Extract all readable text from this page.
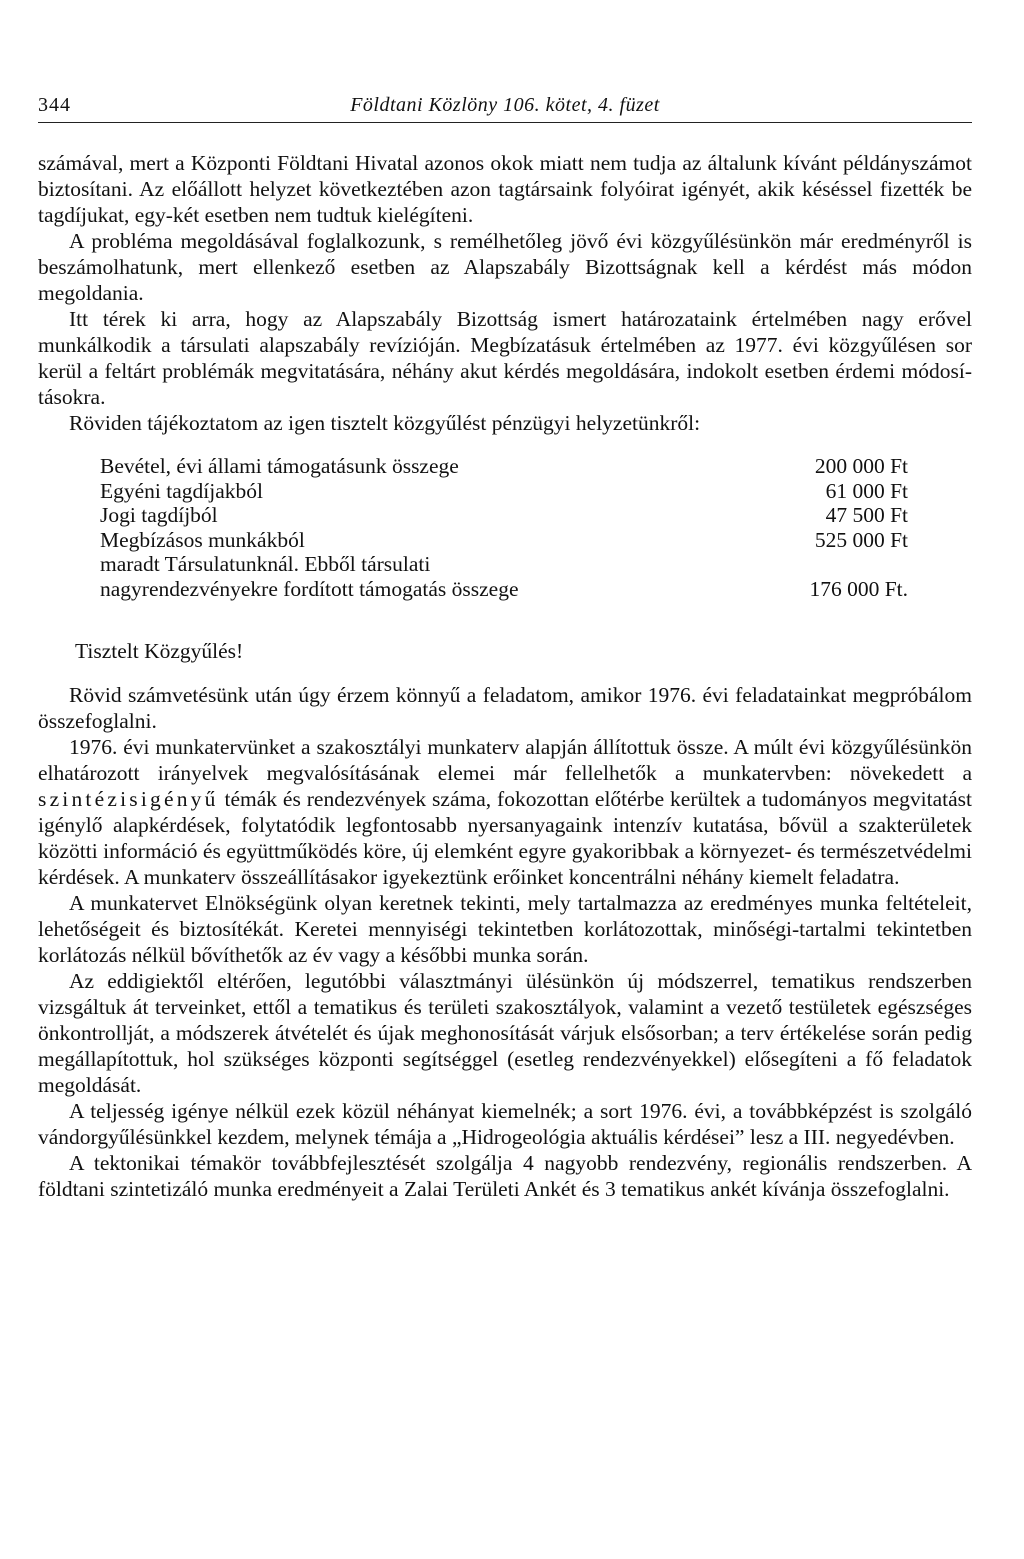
344	Földtani Közlöny 106. kötet, 4. füzet

számával, mert a Központi Földtani Hivatal azonos okok miatt nem tudja az általunk kívánt példányszámot biztosítani. Az előállott helyzet következtében azon tagtársaink folyóirat igényét, akik késéssel fizették be tagdíjukat, egy-két esetben nem tudtuk kielégíteni.

A probléma megoldásával foglalkozunk, s remélhetőleg jövő évi közgyűlésünkön már eredményről is beszámolhatunk, mert ellenkező esetben az Alapszabály Bizottságnak kell a kérdést más módon megoldania.

Itt térek ki arra, hogy az Alapszabály Bizottság ismert határozataink értelmében nagy erővel munkálkodik a társulati alapszabály revízióján. Megbízatásuk értelmében az 1977. évi közgyűlésen sor kerül a feltárt problémák megvitatására, néhány akut kérdés megoldására, indokolt esetben érdemi módosításokra.

Röviden tájékoztatom az igen tisztelt közgyűlést pénzügyi helyzetünkről:

Bevétel, évi állami támogatásunk összege	200 000 Ft
Egyéni tagdíjakból	61 000 Ft
Jogi tagdíjból	47 500 Ft
Megbízásos munkákból	525 000 Ft
maradt Társulatunknál. Ebből társulati
nagyrendezvényekre fordított támogatás összege	176 000 Ft.

Tisztelt Közgyűlés!

Rövid számvetésünk után úgy érzem könnyű a feladatom, amikor 1976. évi feladatainkat megpróbálom összefoglalni.

1976. évi munkatervünket a szakosztályi munkaterv alapján állítottuk össze. A múlt évi közgyűlésünkön elhatározott irányelvek megvalósításának elemei már fellelhetők a munkatervben: növekedett a szintézisigényű témák és rendezvények száma, fokozottan előtérbe kerültek a tudományos megvitatást igénylő alapkérdések, folytatódik legfontosabb nyersanyagaink intenzív kutatása, bővül a szakterületek közötti információ és együttműködés köre, új elemként egyre gyakoribbak a környezet- és természetvédelmi kérdések. A munkaterv összeállításakor igyekeztünk erőinket koncentrálni néhány kiemelt feladatra.

A munkatervet Elnökségünk olyan keretnek tekinti, mely tartalmazza az eredményes munka feltételeit, lehetőségeit és biztosítékát. Keretei mennyiségi tekintetben korlátozottak, minőségi-tartalmi tekintetben korlátozás nélkül bővíthetők az év vagy a későbbi munka során.

Az eddigiektől eltérően, legutóbbi választmányi ülésünkön új módszerrel, tematikus rendszerben vizsgáltuk át terveinket, ettől a tematikus és területi szakosztályok, valamint a vezető testületek egészséges önkontrollját, a módszerek átvételét és újak meghonosítását várjuk elsősorban; a terv értékelése során pedig megállapítottuk, hol szükséges központi segítséggel (esetleg rendezvényekkel) elősegíteni a fő feladatok megoldását.

A teljesség igénye nélkül ezek közül néhányat kiemelnék; a sort 1976. évi, a továbbképzést is szolgáló vándorgyűlésünkkel kezdem, melynek témája a „Hidrogeológia aktuális kérdései” lesz a III. negyedévben.

A tektonikai témakör továbbfejlesztését szolgálja 4 nagyobb rendezvény, regionális rendszerben. A földtani szintetizáló munka eredményeit a Zalai Területi Ankét és 3 tematikus ankét kívánja összefoglalni.
